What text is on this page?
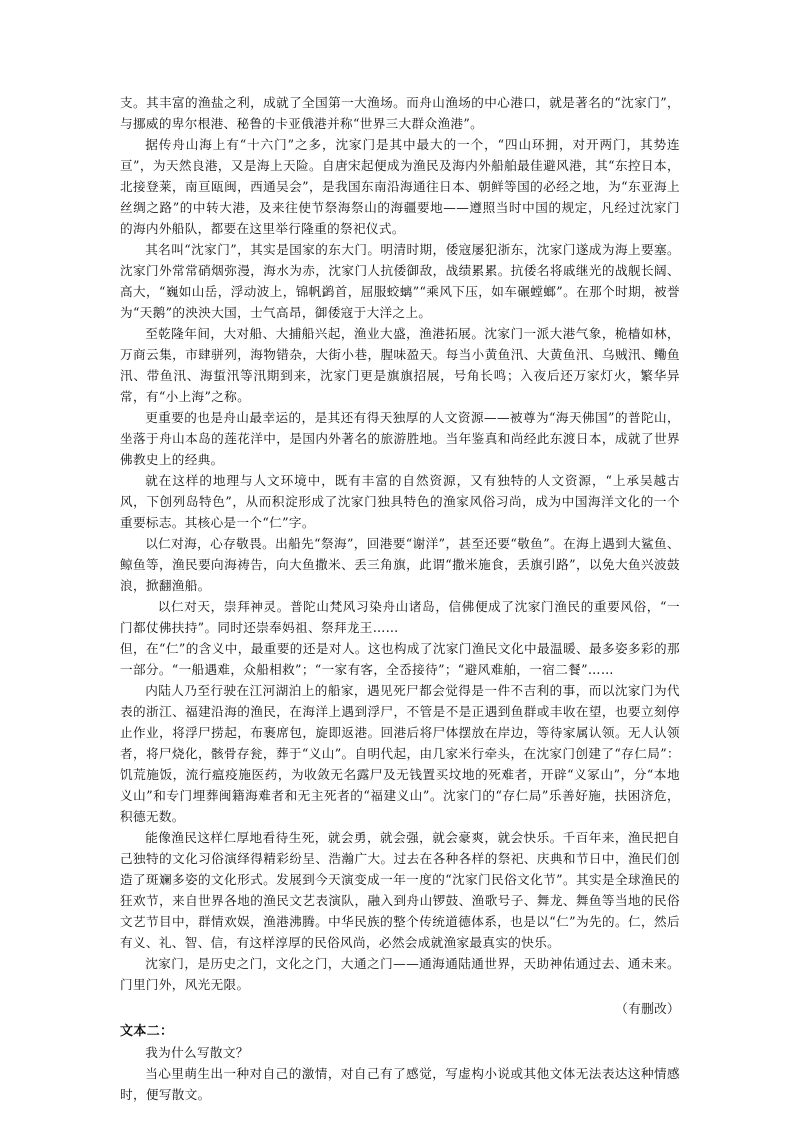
支。其丰富的渔盐之利，成就了全国第一大渔场。而舟山渔场的中心港口，就是著名的“沈家门”，与挪威的卑尔根港、秘鲁的卡亚俄港并称“世界三大群众渔港”。

据传舟山海上有“十六门”之多，沈家门是其中最大的一个，“四山环拥，对开两门，其势连亘”，为天然良港，又是海上天险。自唐宋起便成为渔民及海内外船舶最佳避风港，其“东控日本，北接登莱，南亘瓯闽，西通吴会”，是我国东南沿海通往日本、朝鲜等国的必经之地，为“东亚海上丝绸之路”的中转大港，及来往使节祭海祭山的海疆要地——遵照当时中国的规定，凡经过沈家门的海内外船队，都要在这里举行隆重的祭祀仪式。

其名叫“沈家门”，其实是国家的东大门。明清时期，倭寇屡犯浙东，沈家门遂成为海上要塞。沈家门外常常硝烟弥漫，海水为赤，沈家门人抗倭御敌，战绩累累。抗倭名将戚继光的战舰长阔、高大，“巍如山岳，浮动波上，锦帆鹢首，屈服蛟螭”“乘风下压，如车碾螳螂”。在那个时期，被誉为“天鹅”的泱泱大国，士气高昂，御倭寇于大洋之上。

至乾隆年间，大对船、大捕船兴起，渔业大盛，渔港拓展。沈家门一派大港气象，桅樯如林，万商云集，市肆骈列，海物错杂，大街小巷，腥味盈天。每当小黄鱼汛、大黄鱼汛、乌贼汛、鳓鱼汛、带鱼汛、海蜇汛等汛期到来，沈家门更是旗旗招展，号角长鸣；入夜后还万家灯火，繁华异常，有“小上海”之称。

更重要的也是舟山最幸运的，是其还有得天独厚的人文资源——被尊为“海天佛国”的普陀山，坐落于舟山本岛的莲花洋中，是国内外著名的旅游胜地。当年鉴真和尚经此东渡日本，成就了世界佛教史上的经典。

就在这样的地理与人文环境中，既有丰富的自然资源，又有独特的人文资源，“上承吴越古风，下创列岛特色”，从而积淀形成了沈家门独具特色的渔家风俗习尚，成为中国海洋文化的一个重要标志。其核心是一个“仁”字。

以仁对海，心存敬畏。出船先“祭海”，回港要“谢洋”，甚至还要“敬鱼”。在海上遇到大鲨鱼、鲸鱼等，渔民要向海祷告，向大鱼撒米、丢三角旗，此谓“撒米施食，丢旗引路”，以免大鱼兴波鼓浪，掀翻渔船。

以仁对天，崇拜神灵。普陀山梵风习染舟山诸岛，信佛便成了沈家门渔民的重要风俗，“一门都仗佛扶持”。同时还崇奉妈祖、祭拜龙王……

但，在“仁”的含义中，最重要的还是对人。这也构成了沈家门渔民文化中最温暖、最多姿多彩的那一部分。“一船遇难，众船相救”；“一家有客，全岙接待”；“避风难舶，一宿二餐”……

内陆人乃至行驶在江河湖泊上的船家，遇见死尸都会觉得是一件不吉利的事，而以沈家门为代表的浙江、福建沿海的渔民，在海洋上遇到浮尸，不管是不是正遇到鱼群或丰收在望，也要立刻停止作业，将浮尸捞起，布裹席包，旋即返港。回港后将尸体摆放在岸边，等待家属认领。无人认领者，将尸烧化，骸骨存瓮，葬于“义山”。自明代起，由几家米行牵头，在沈家门创建了“存仁局”：饥荒施饭，流行瘟疫施医药，为收敛无名露尸及无钱置买坟地的死难者，开辟“义冢山”，分“本地义山”和专门埋葬闽籍海难者和无主死者的“福建义山”。沈家门的“存仁局”乐善好施，扶困济危，积德无数。

能像渔民这样仁厚地看待生死，就会勇，就会强，就会豪爽，就会快乐。千百年来，渔民把自己独特的文化习俗演绎得精彩纷呈、浩瀚广大。过去在各种各样的祭祀、庆典和节日中，渔民们创造了斑斓多姿的文化形式。发展到今天演变成一年一度的“沈家门民俗文化节”。其实是全球渔民的狂欢节，来自世界各地的渔民文艺表演队，融入到舟山锣鼓、渔歌号子、舞龙、舞鱼等当地的民俗文艺节目中，群情欢娱，渔港沸腾。中华民族的整个传统道德体系，也是以“仁”为先的。仁，然后有义、礼、智、信，有这样淳厚的民俗风尚，必然会成就渔家最真实的快乐。

沈家门，是历史之门，文化之门，大通之门——通海通陆通世界，天助神佑通过去、通未来。门里门外，风光无限。

（有删改）

文本二：

我为什么写散文？

当心里萌生出一种对自己的激情，对自己有了感觉，写虚构小说或其他文体无法表达这种情感时，便写散文。
